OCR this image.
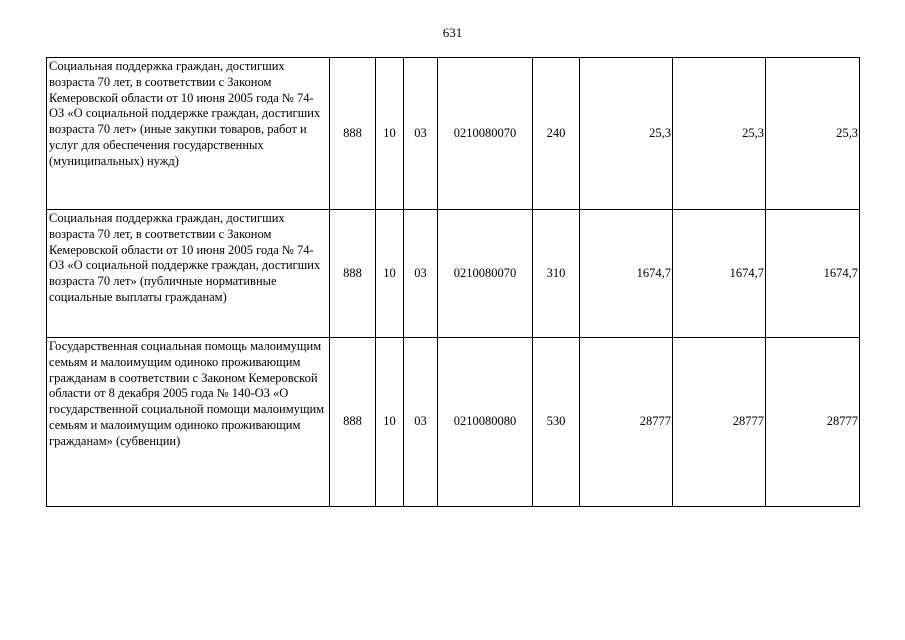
631
Социальная поддержка граждан, достигших возраста 70 лет, в соответствии с Законом Кемеровской области от 10 июня 2005 года № 74-ОЗ «О социальной поддержке граждан, достигших возраста 70 лет» (иные закупки товаров, работ и услуг для обеспечения государственных (муниципальных) нужд)	888	10	03	0210080070	240	25,3	25,3	25,3
Социальная поддержка граждан, достигших возраста 70 лет, в соответствии с Законом Кемеровской области от 10 июня 2005 года № 74-ОЗ «О социальной поддержке граждан, достигших возраста 70 лет» (публичные нормативные социальные выплаты гражданам)	888	10	03	0210080070	310	1674,7	1674,7	1674,7
Государственная социальная помощь малоимущим семьям и малоимущим одиноко проживающим гражданам в соответствии с Законом Кемеровской области от 8 декабря 2005 года № 140-ОЗ «О государственной социальной помощи малоимущим семьям и малоимущим одиноко проживающим гражданам» (субвенции)	888	10	03	0210080080	530	28777	28777	28777
